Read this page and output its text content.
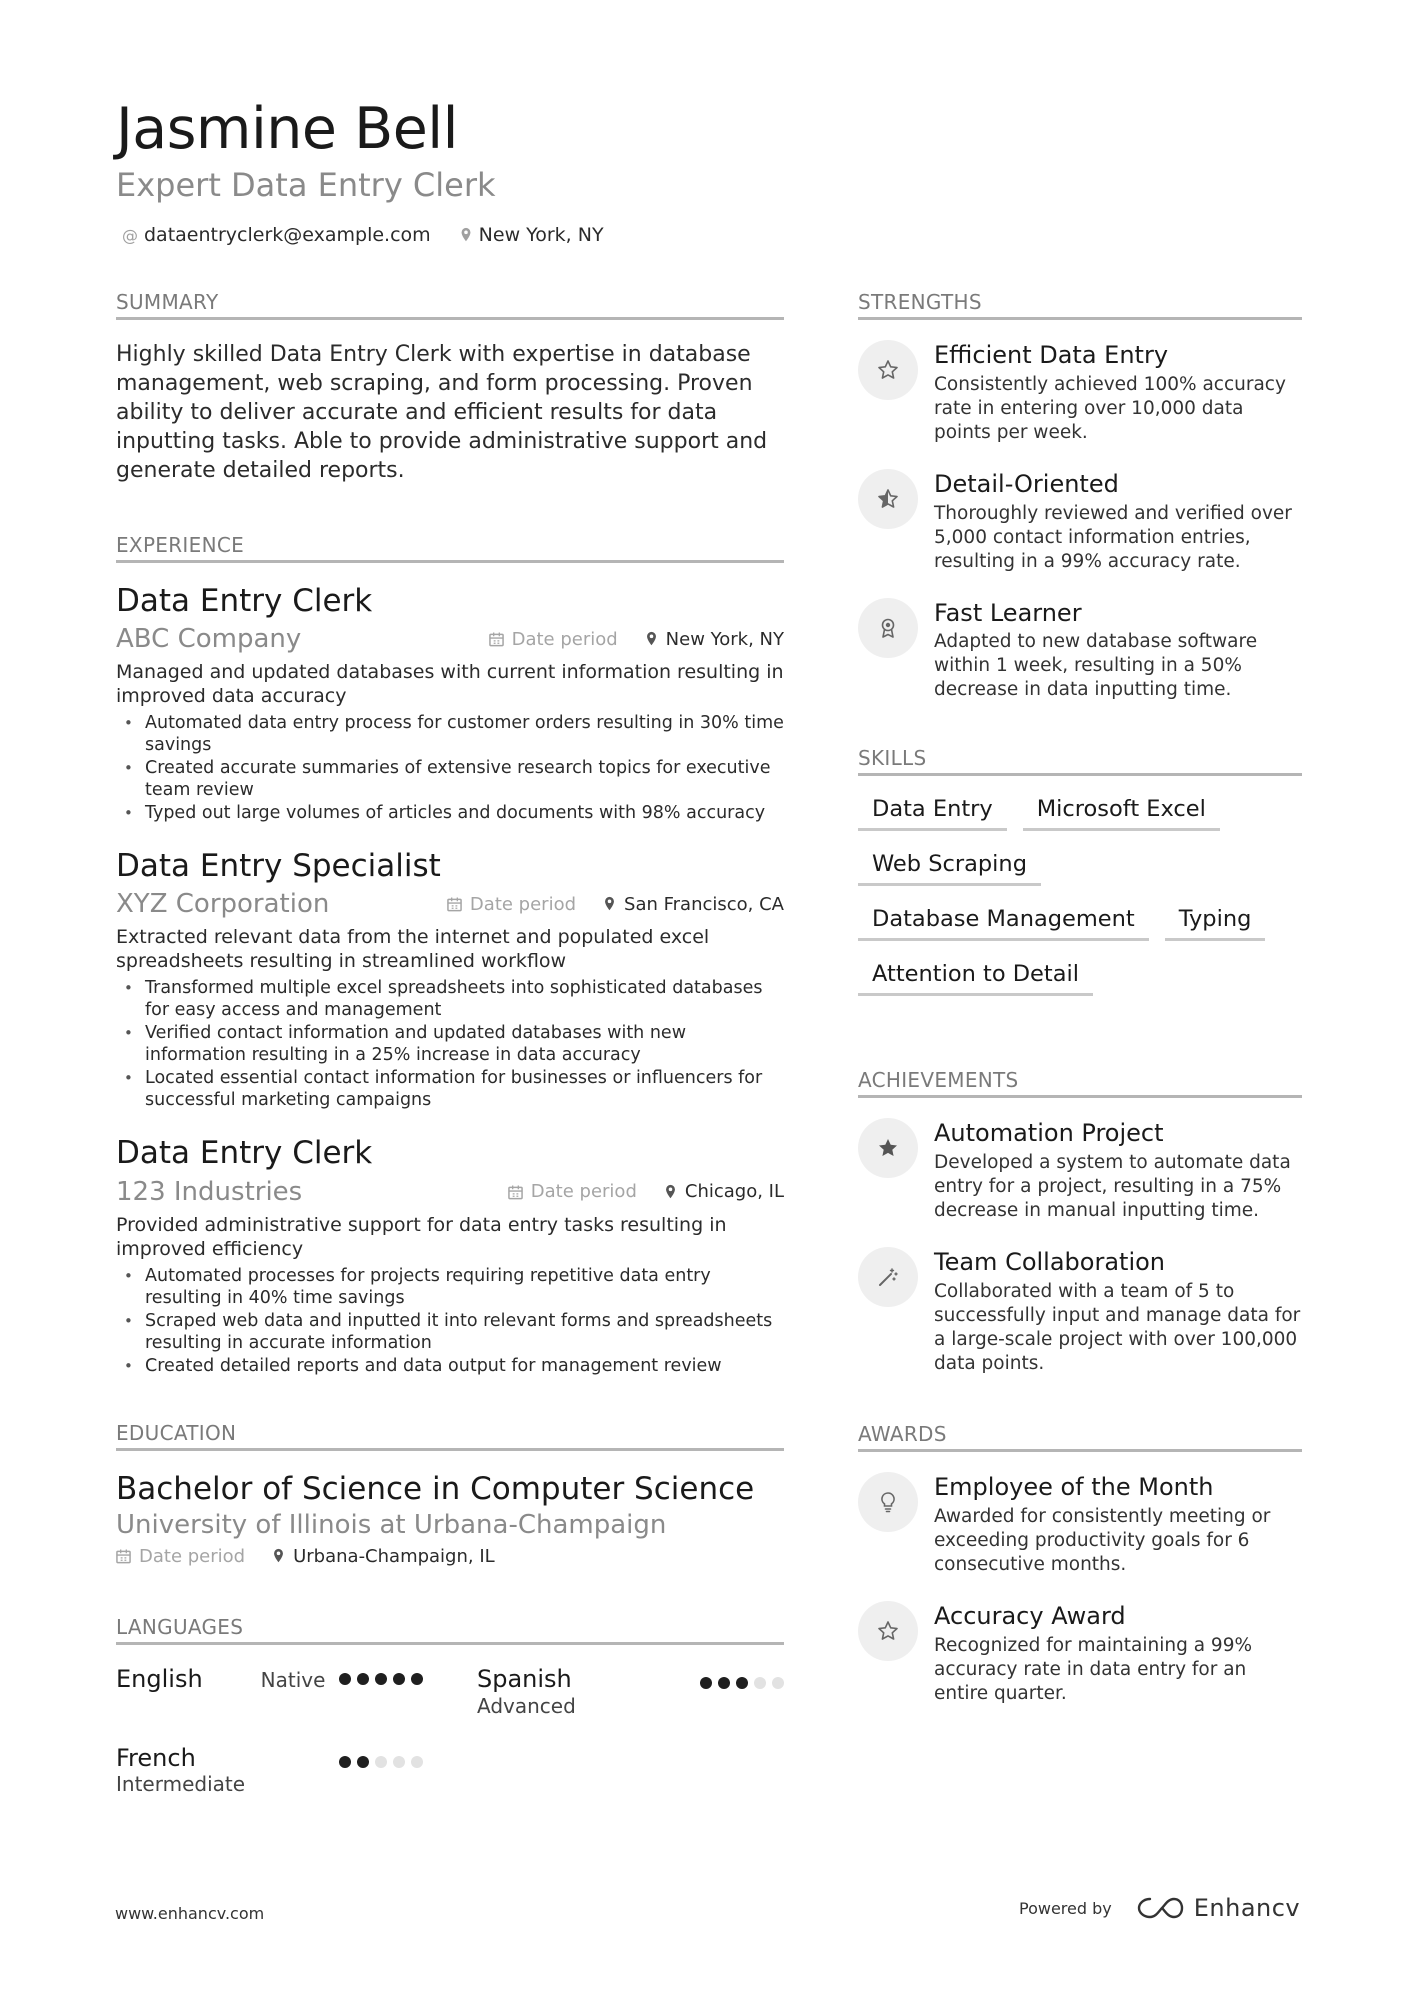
Jasmine Bell
Expert Data Entry Clerk
@ dataentryclerk@example.com	New York, NY
SUMMARY
Highly skilled Data Entry Clerk with expertise in database management, web scraping, and form processing. Proven ability to deliver accurate and efficient results for data inputting tasks. Able to provide administrative support and generate detailed reports.
EXPERIENCE
Data Entry Clerk
ABC Company	Date period	New York, NY
Managed and updated databases with current information resulting in improved data accuracy
• Automated data entry process for customer orders resulting in 30% time savings
• Created accurate summaries of extensive research topics for executive team review
• Typed out large volumes of articles and documents with 98% accuracy
Data Entry Specialist
XYZ Corporation	Date period	San Francisco, CA
Extracted relevant data from the internet and populated excel spreadsheets resulting in streamlined workflow
• Transformed multiple excel spreadsheets into sophisticated databases for easy access and management
• Verified contact information and updated databases with new information resulting in a 25% increase in data accuracy
• Located essential contact information for businesses or influencers for successful marketing campaigns
Data Entry Clerk
123 Industries	Date period	Chicago, IL
Provided administrative support for data entry tasks resulting in improved efficiency
• Automated processes for projects requiring repetitive data entry resulting in 40% time savings
• Scraped web data and inputted it into relevant forms and spreadsheets resulting in accurate information
• Created detailed reports and data output for management review
EDUCATION
Bachelor of Science in Computer Science
University of Illinois at Urbana-Champaign
Date period	Urbana-Champaign, IL
LANGUAGES
English	Native	Spanish
Advanced
French
Intermediate
STRENGTHS
Efficient Data Entry
Consistently achieved 100% accuracy rate in entering over 10,000 data points per week.
Detail-Oriented
Thoroughly reviewed and verified over 5,000 contact information entries, resulting in a 99% accuracy rate.
Fast Learner
Adapted to new database software within 1 week, resulting in a 50% decrease in data inputting time.
SKILLS
Data Entry	Microsoft Excel
Web Scraping
Database Management	Typing
Attention to Detail
ACHIEVEMENTS
Automation Project
Developed a system to automate data entry for a project, resulting in a 75% decrease in manual inputting time.
Team Collaboration
Collaborated with a team of 5 to successfully input and manage data for a large-scale project with over 100,000 data points.
AWARDS
Employee of the Month
Awarded for consistently meeting or exceeding productivity goals for 6 consecutive months.
Accuracy Award
Recognized for maintaining a 99% accuracy rate in data entry for an entire quarter.
www.enhancv.com	Powered by	Enhancv
